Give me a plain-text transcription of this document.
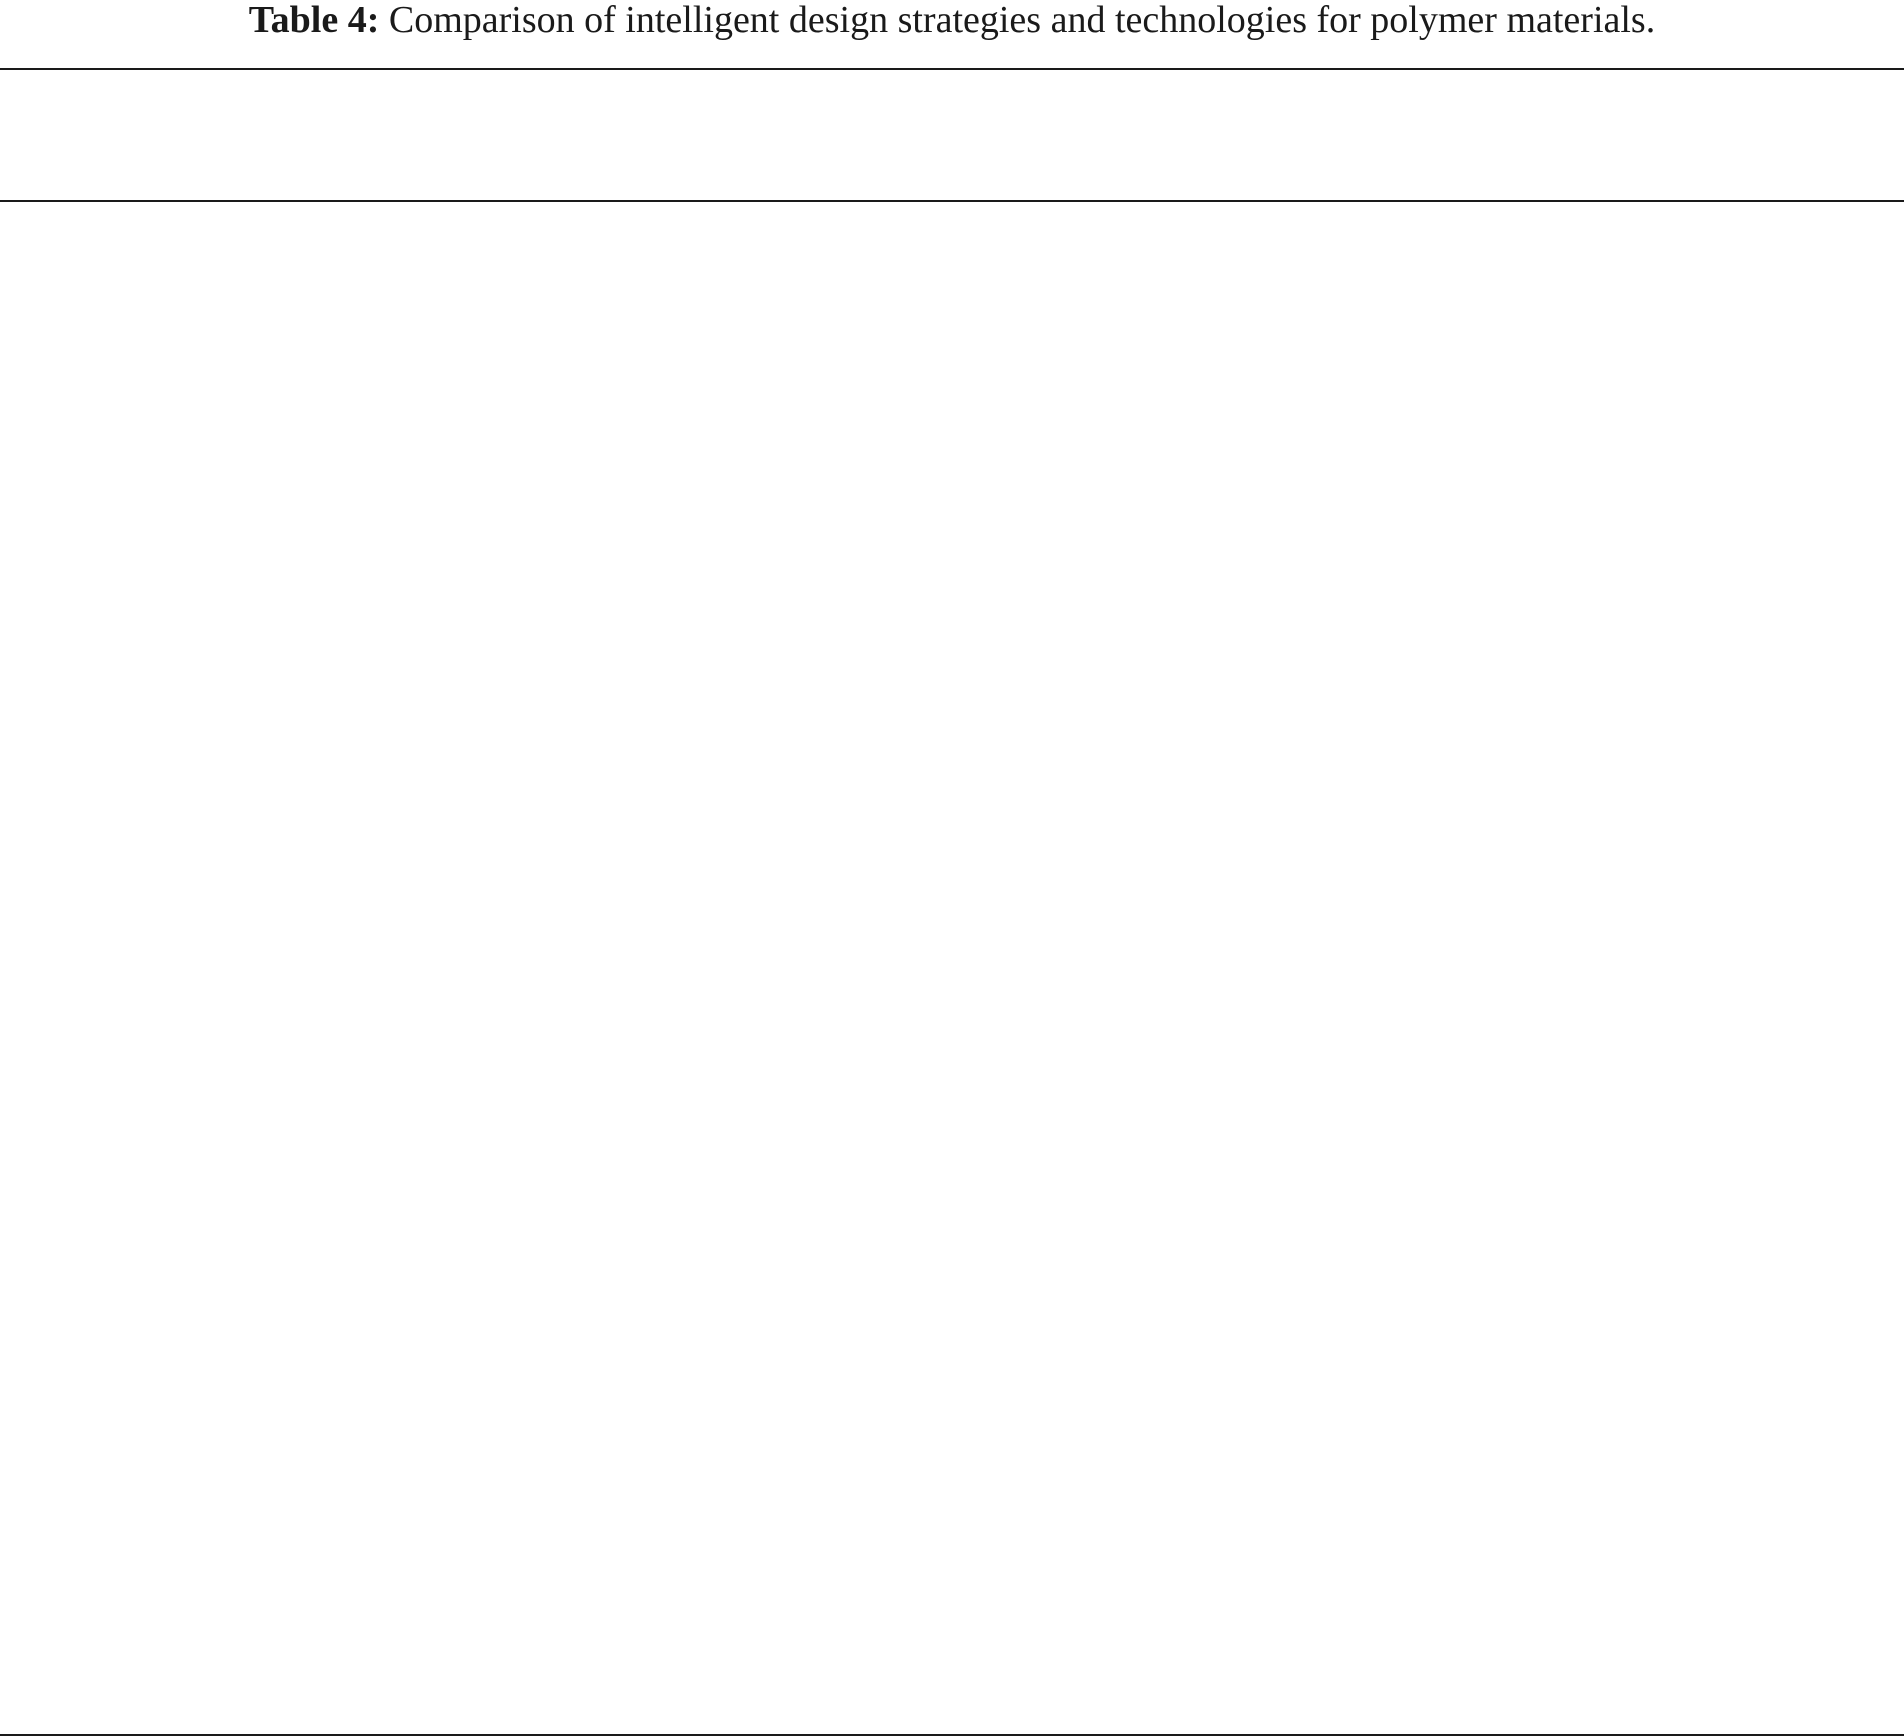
Table 4: Comparison of intelligent design strategies and technologies for polymer materials.
